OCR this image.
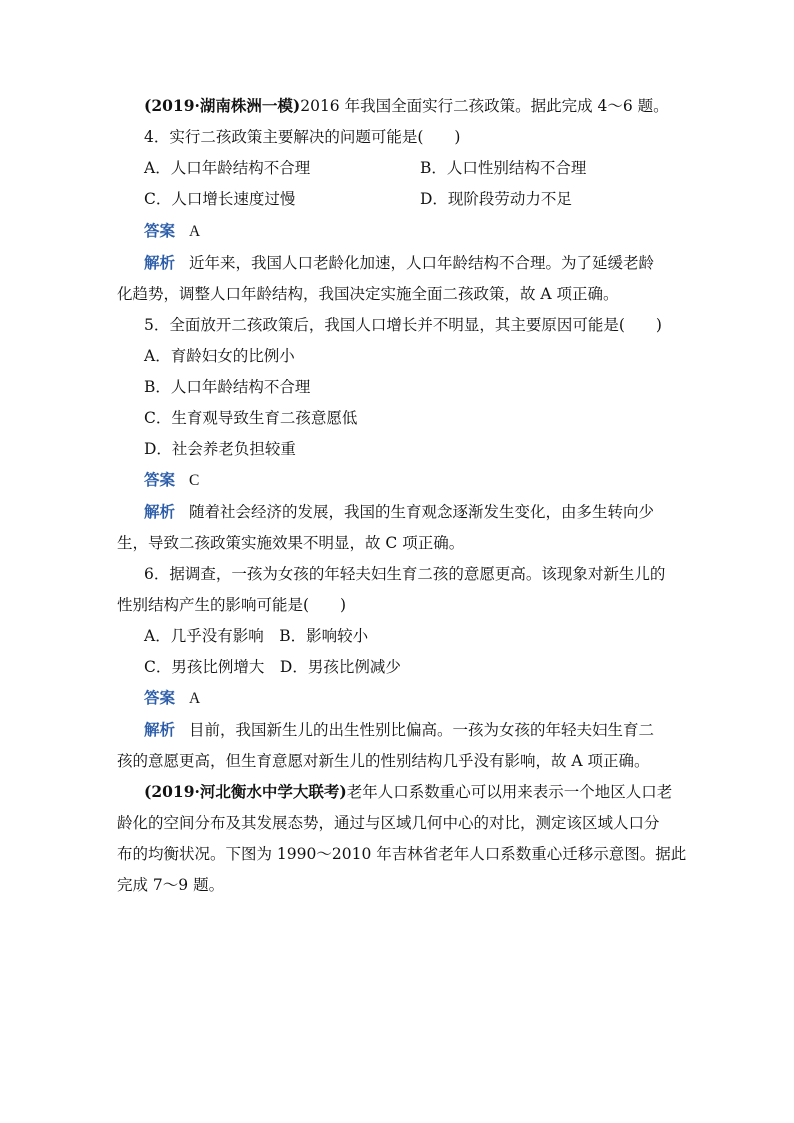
(2019·湖南株洲一模)2016 年我国全面实行二孩政策。据此完成 4～6 题。
4．实行二孩政策主要解决的问题可能是(　　)
A．人口年龄结构不合理	B．人口性别结构不合理
C．人口增长速度过慢	D．现阶段劳动力不足
答案 A
解析 近年来，我国人口老龄化加速，人口年龄结构不合理。为了延缓老龄
化趋势，调整人口年龄结构，我国决定实施全面二孩政策，故 A 项正确。
5．全面放开二孩政策后，我国人口增长并不明显，其主要原因可能是(　　)
A．育龄妇女的比例小
B．人口年龄结构不合理
C．生育观导致生育二孩意愿低
D．社会养老负担较重
答案 C
解析 随着社会经济的发展，我国的生育观念逐渐发生变化，由多生转向少
生，导致二孩政策实施效果不明显，故 C 项正确。
6．据调查，一孩为女孩的年轻夫妇生育二孩的意愿更高。该现象对新生儿的
性别结构产生的影响可能是(　　)
A．几乎没有影响　 B．影响较小
C．男孩比例增大　 D．男孩比例减少
答案 A
解析 目前，我国新生儿的出生性别比偏高。一孩为女孩的年轻夫妇生育二
孩的意愿更高，但生育意愿对新生儿的性别结构几乎没有影响，故 A 项正确。
(2019·河北衡水中学大联考)老年人口系数重心可以用来表示一个地区人口老
龄化的空间分布及其发展态势，通过与区域几何中心的对比，测定该区域人口分
布的均衡状况。下图为 1990～2010 年吉林省老年人口系数重心迁移示意图。据此
完成 7～9 题。
